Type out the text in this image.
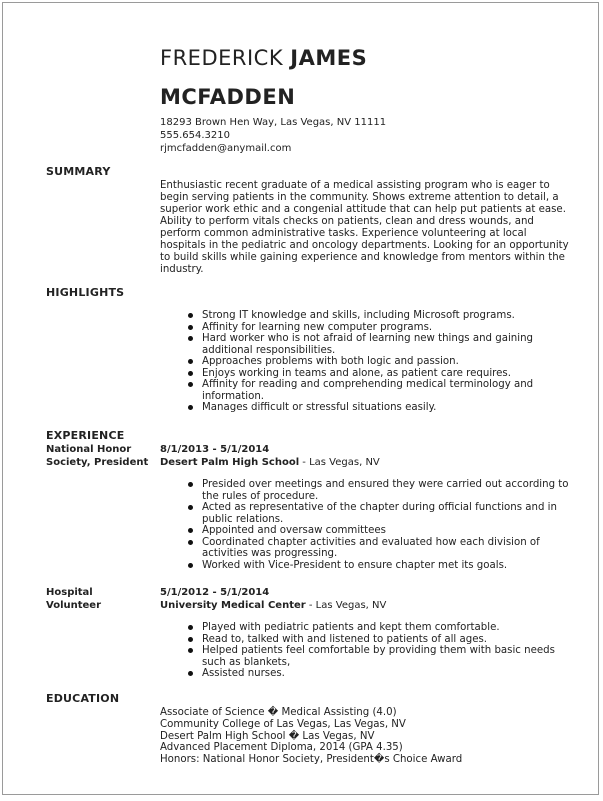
FREDERICK JAMES
MCFADDEN
18293 Brown Hen Way, Las Vegas, NV 11111
555.654.3210
rjmcfadden@anymail.com
SUMMARY
Enthusiastic recent graduate of a medical assisting program who is eager to begin serving patients in the community. Shows extreme attention to detail, a superior work ethic and a congenial attitude that can help put patients at ease. Ability to perform vitals checks on patients, clean and dress wounds, and perform common administrative tasks. Experience volunteering at local hospitals in the pediatric and oncology departments. Looking for an opportunity to build skills while gaining experience and knowledge from mentors within the industry.
HIGHLIGHTS
Strong IT knowledge and skills, including Microsoft programs.
Affinity for learning new computer programs.
Hard worker who is not afraid of learning new things and gaining additional responsibilities.
Approaches problems with both logic and passion.
Enjoys working in teams and alone, as patient care requires.
Affinity for reading and comprehending medical terminology and information.
Manages difficult or stressful situations easily.
EXPERIENCE
National Honor Society, President
8/1/2013 - 5/1/2014
Desert Palm High School - Las Vegas, NV
Presided over meetings and ensured they were carried out according to the rules of procedure.
Acted as representative of the chapter during official functions and in public relations.
Appointed and oversaw committees
Coordinated chapter activities and evaluated how each division of activities was progressing.
Worked with Vice-President to ensure chapter met its goals.
Hospital Volunteer
5/1/2012 - 5/1/2014
University Medical Center - Las Vegas, NV
Played with pediatric patients and kept them comfortable.
Read to, talked with and listened to patients of all ages.
Helped patients feel comfortable by providing them with basic needs such as blankets,
Assisted nurses.
EDUCATION
Associate of Science � Medical Assisting (4.0)
Community College of Las Vegas, Las Vegas, NV
Desert Palm High School � Las Vegas, NV
Advanced Placement Diploma, 2014 (GPA 4.35)
Honors: National Honor Society, President�s Choice Award
